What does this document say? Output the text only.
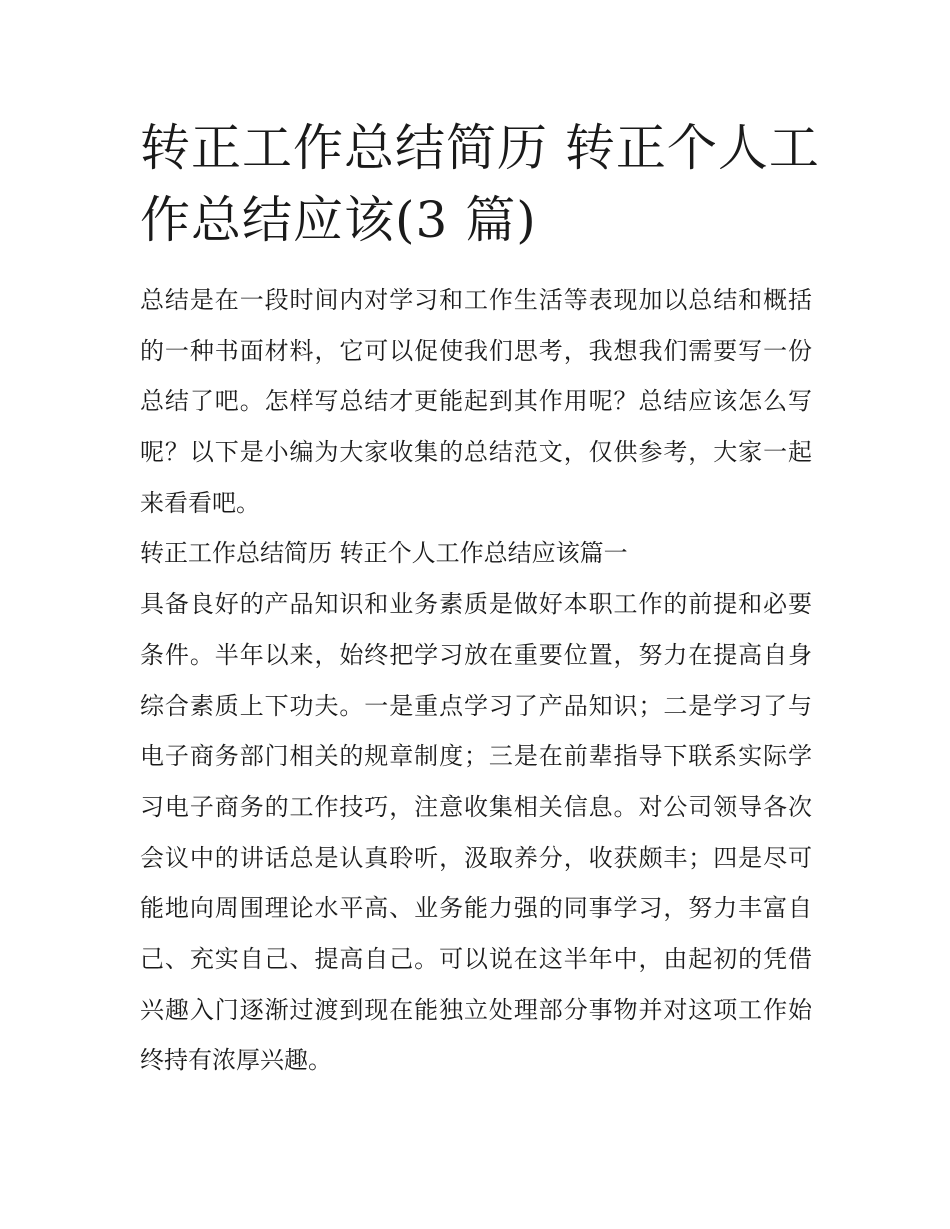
转正工作总结简历 转正个人工
作总结应该(3 篇)
总结是在一段时间内对学习和工作生活等表现加以总结和概括
的一种书面材料，它可以促使我们思考，我想我们需要写一份
总结了吧。怎样写总结才更能起到其作用呢？总结应该怎么写
呢？以下是小编为大家收集的总结范文，仅供参考，大家一起
来看看吧。
转正工作总结简历 转正个人工作总结应该篇一
具备良好的产品知识和业务素质是做好本职工作的前提和必要
条件。半年以来，始终把学习放在重要位置，努力在提高自身
综合素质上下功夫。一是重点学习了产品知识；二是学习了与
电子商务部门相关的规章制度；三是在前辈指导下联系实际学
习电子商务的工作技巧，注意收集相关信息。对公司领导各次
会议中的讲话总是认真聆听，汲取养分，收获颇丰；四是尽可
能地向周围理论水平高、业务能力强的同事学习，努力丰富自
己、充实自己、提高自己。可以说在这半年中，由起初的凭借
兴趣入门逐渐过渡到现在能独立处理部分事物并对这项工作始
终持有浓厚兴趣。
